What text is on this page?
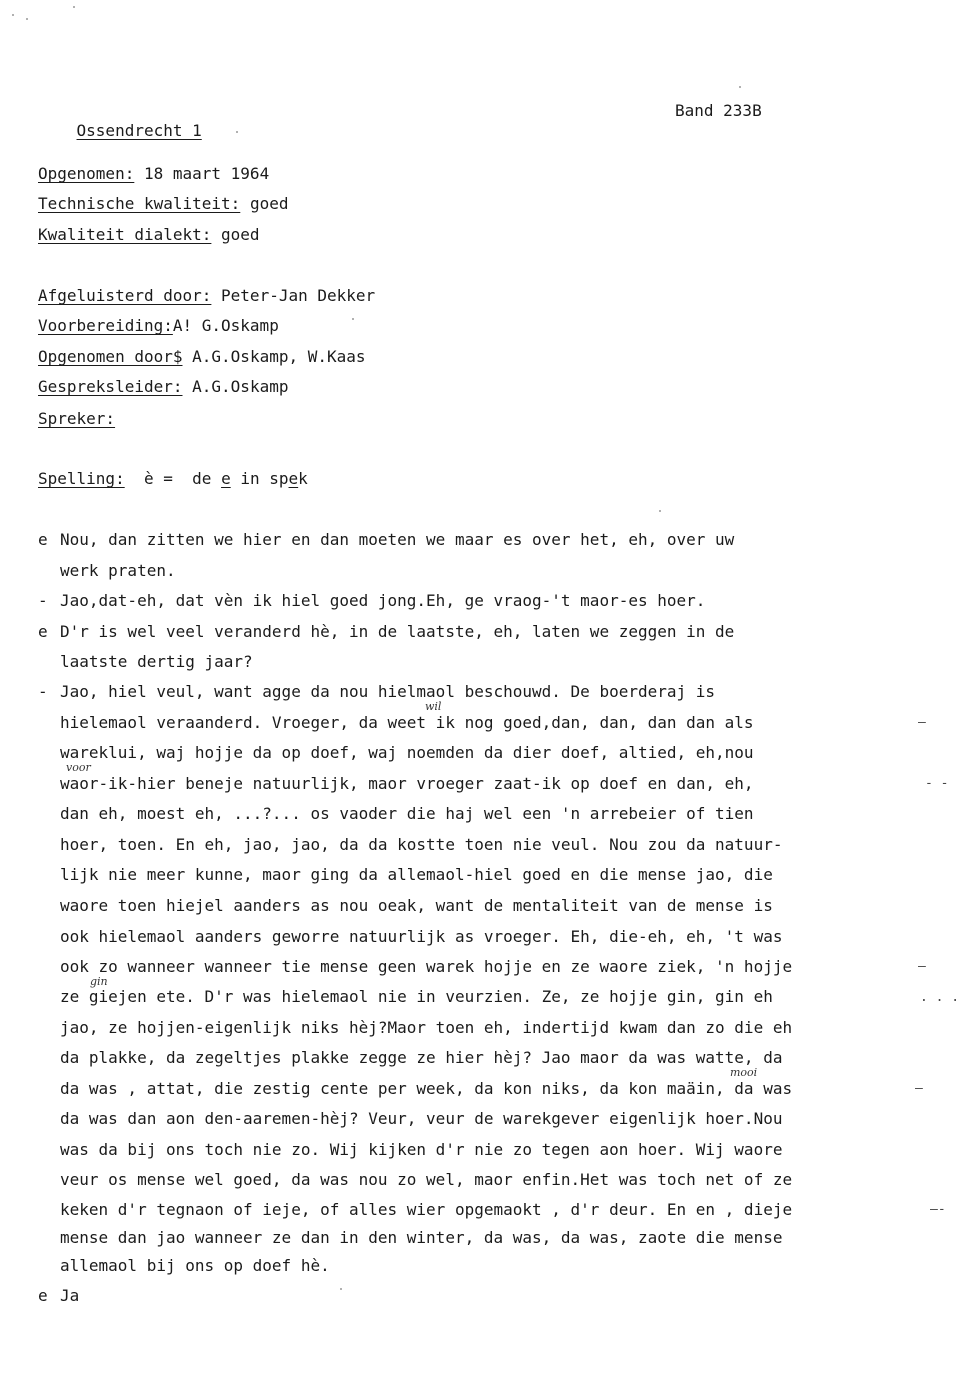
Ossendrecht 1

Band 233B
Opgenomen: 18 maart 1964
Technische kwaliteit: goed
Kwaliteit dialekt: goed
Afgeluisterd door: Peter-Jan Dekker
Voorbereiding:A! G.Oskamp
Opgenomen door$ A.G.Oskamp, W.Kaas
Gespreksleider: A.G.Oskamp
Spreker:
Spelling: è = de e in spek
e
-
e
-
e
Nou, dan zitten we hier en dan moeten we maar es over het, eh, over uw
werk praten.
Jao,dat-eh, dat vèn ik hiel goed jong.Eh, ge vraog-'t maor-es hoer.
D'r is wel veel veranderd hè, in de laatste, eh, laten we zeggen in de
laatste dertig jaar?
Jao, hiel veul, want agge da nou hielmaol beschouwd. De boerderaj is
hielemaol veraanderd. Vroeger, da weet ik nog goed,dan, dan, dan dan als
wareklui, waj hojje da op doef, waj noemden da dier doef, altied, eh,nou
waor-ik-hier beneje natuurlijk, maor vroeger zaat-ik op doef en dan, eh,
dan eh, moest eh, ...?... os vaoder die haj wel een 'n arrebeier of tien
hoer, toen. En eh, jao, jao, da da kostte toen nie veul. Nou zou da natuur-
lijk nie meer kunne, maor ging da allemaol-hiel goed en die mense jao, die
waore toen hiejel aanders as nou oeak, want de mentaliteit van de mense is
ook hielemaol aanders geworre natuurlijk as vroeger. Eh, die-eh, eh, 't was
ook zo wanneer wanneer tie mense geen warek hojje en ze waore ziek, 'n hojje
ze giejen ete. D'r was hielemaol nie in veurzien. Ze, ze hojje gin, gin eh
jao, ze hojjen-eigenlijk niks hèj?Maor toen eh, indertijd kwam dan zo die eh
da plakke, da zegeltjes plakke zegge ze hier hèj? Jao maor da was watte, da
da was , attat, die zestig cente per week, da kon niks, da kon maäin, da was
da was dan aon den-aaremen-hèj? Veur, veur de warekgever eigenlijk hoer.Nou
was da bij ons toch nie zo. Wij kijken d'r nie zo tegen aon hoer. Wij waore
veur os mense wel goed, da was nou zo wel, maor enfin.Het was toch net of ze
keken d'r tegnaon of ieje, of alles wier opgemaokt , d'r deur. En en , dieje
mense dan jao wanneer ze dan in den winter, da was, da was, zaote die mense
allemaol bij ons op doef hè.
Ja
wil
voor
gin
mooi
—
- -
—
. . .
—
—-
